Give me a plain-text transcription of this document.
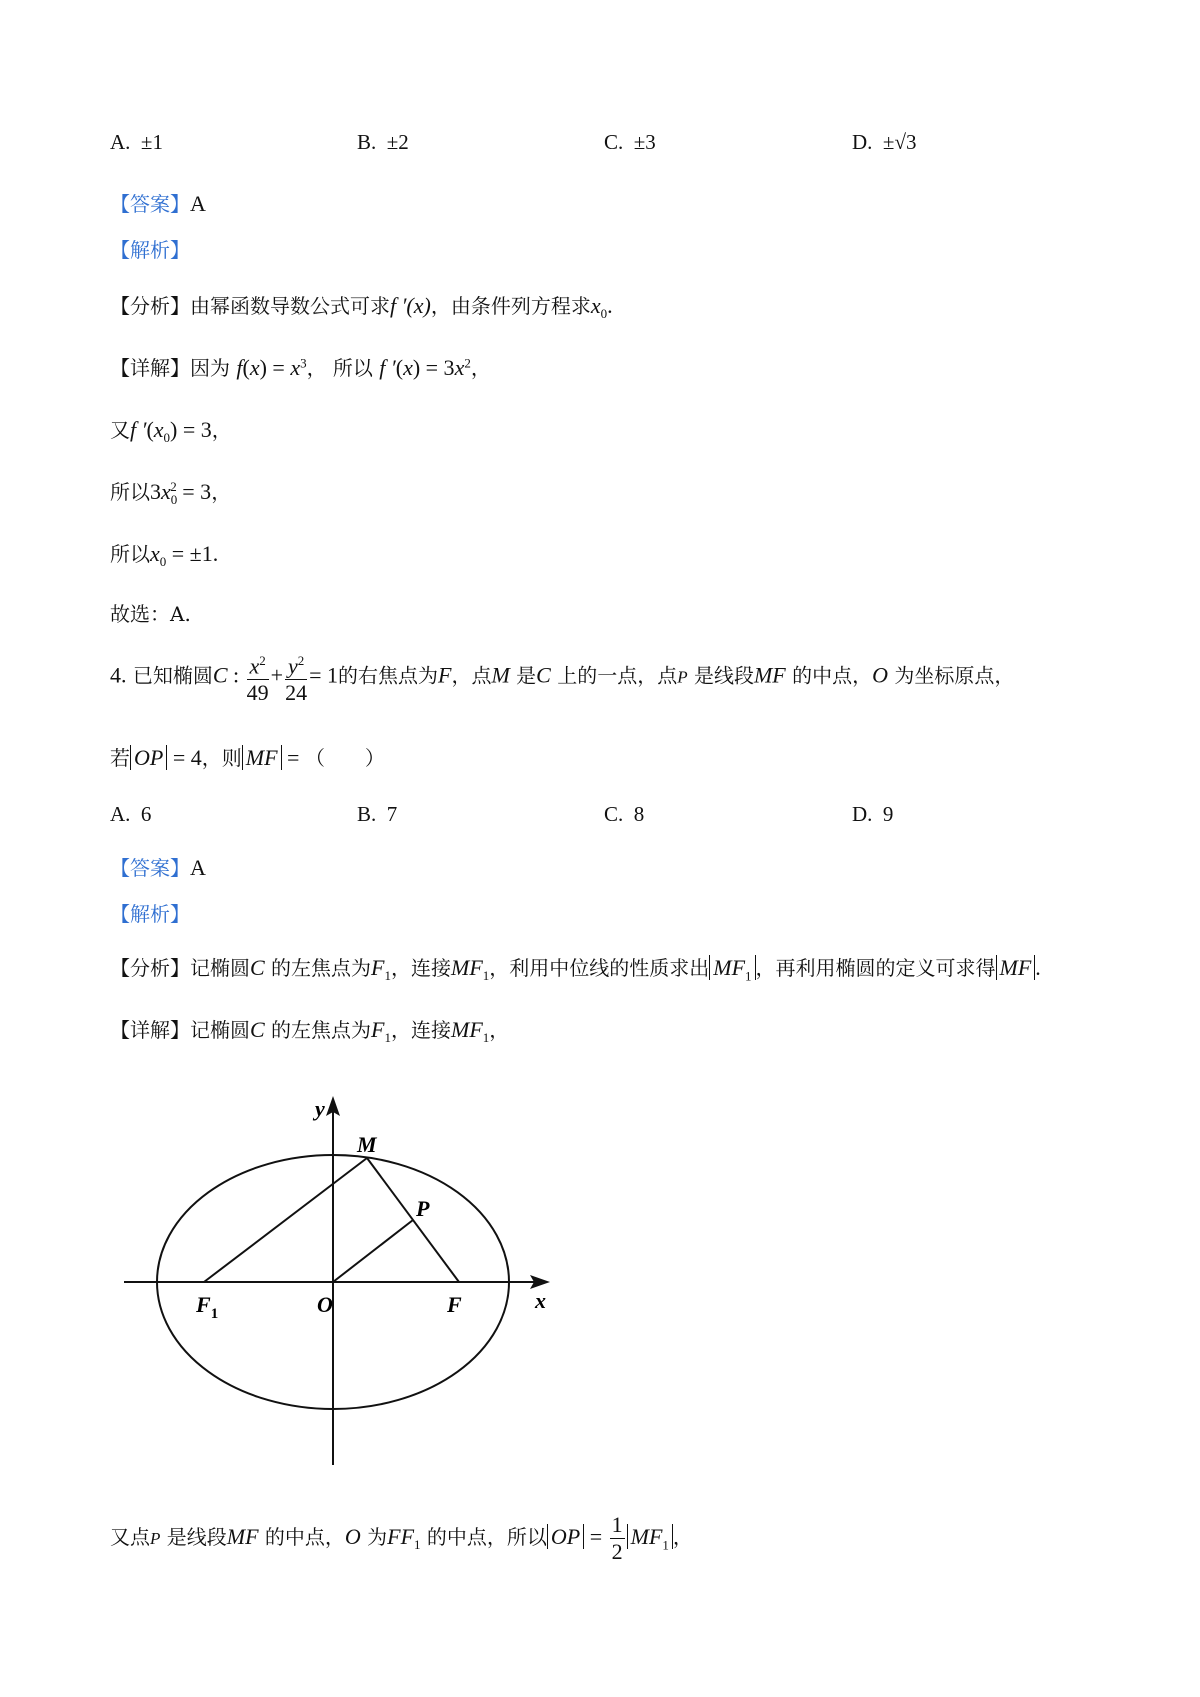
A. ±1	B. ±2	C. ±3	D. ±√3
【答案】A
【解析】
【分析】由幂函数导数公式可求f ′(x)，由条件列方程求$x_0$.
【详解】因为 $f(x) = x^3$， 所以 f $'(x) = 3x^2$，
又f $'(x_0) = 3$，
所以$3x_0^2 = 3$，
所以$x_0 = \pm 1$.
故选：A.
4. 已知椭圆C : $\frac{x^2}{49} + \frac{y^2}{24} = 1$的右焦点为F，点M 是C 上的一点，点P 是线段MF 的中点，O 为坐标原点，
若 OP = 4，则 MF = （　　）
A. 6	B. 7	C. 8	D. 9
【答案】A
【解析】
【分析】记椭圆C 的左焦点为$F_1$，连接$MF_1$，利用中位线的性质求出 $MF_1$ ，再利用椭圆的定义可求得 MF .
【详解】记椭圆C 的左焦点为$F_1$，连接$MF_1$，
y
x
M
P
O
$F_1$	F
又点P 是线段MF 的中点，O 为$FF_1$ 的中点，所以 OP = $\frac{1}{2} MF_1$ ，
